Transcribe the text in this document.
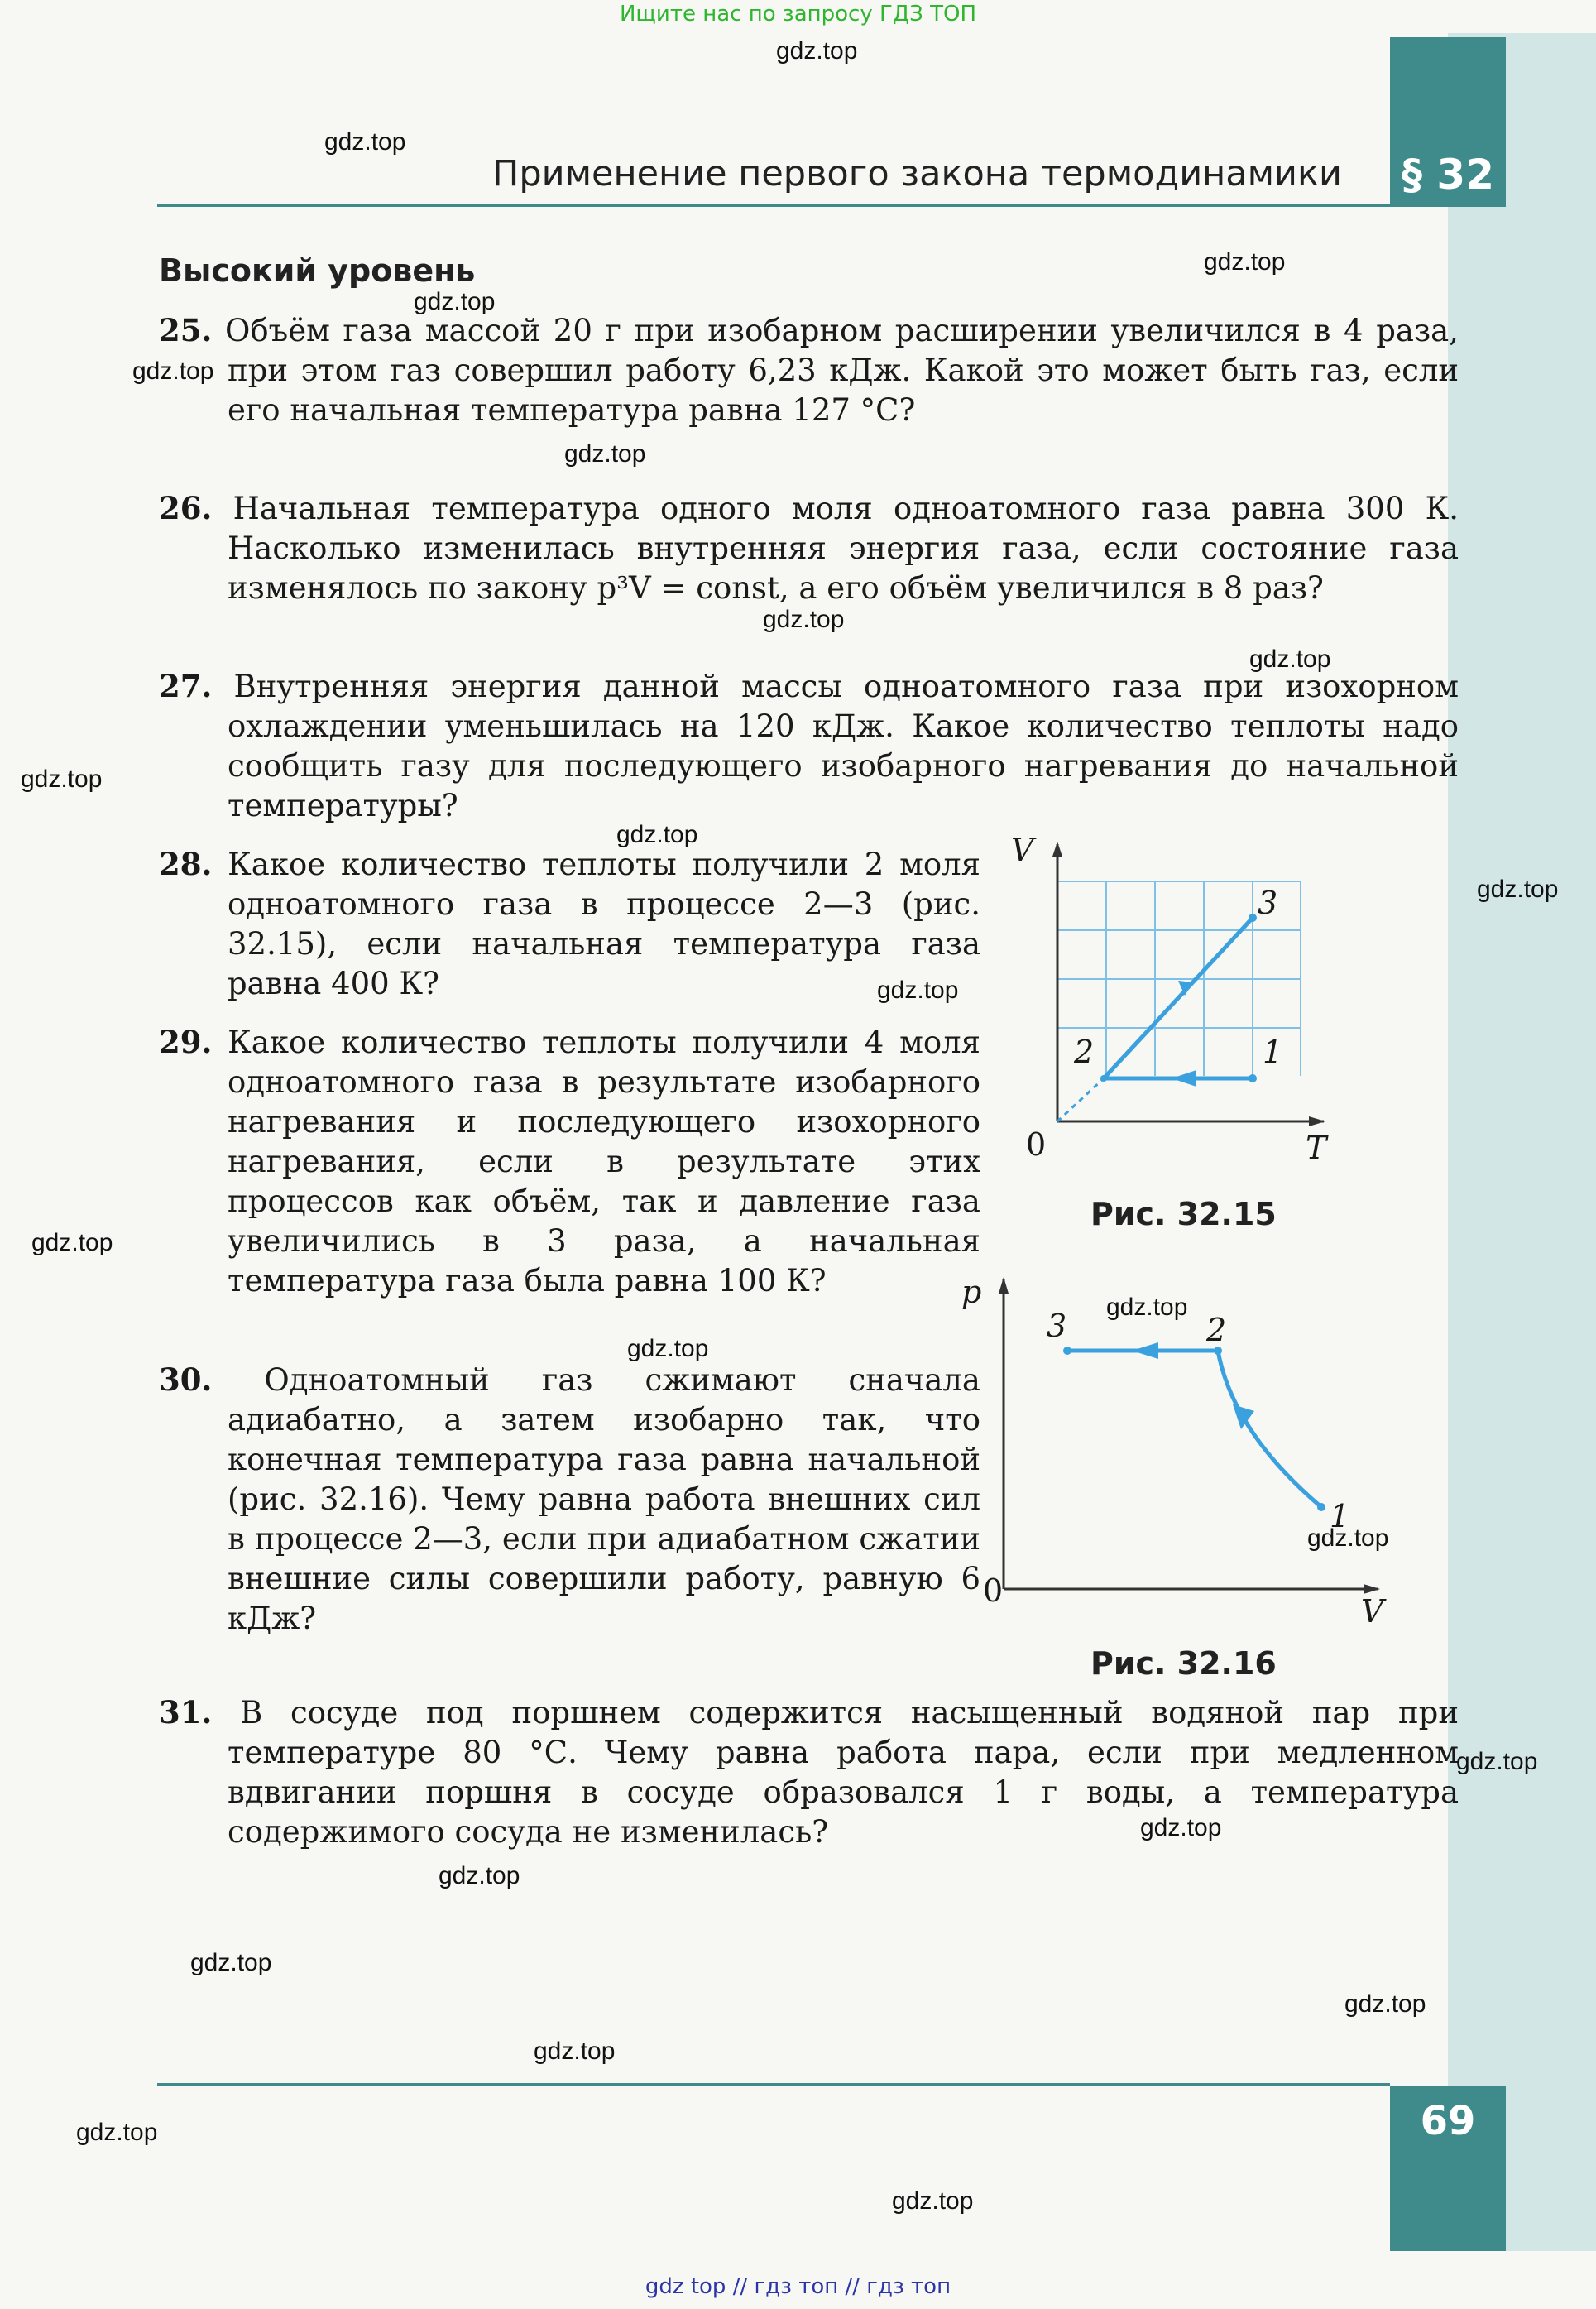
§ 32
69
Ищите нас по запросу ГДЗ ТОП
gdz top // гдз топ // гдз топ
Применение первого закона термодинамики
Высокий уровень
25. Объём газа массой 20 г при изобарном расширении увеличился в 4 раза, при этом газ совершил работу 6,23 кДж. Какой это может быть газ, если его начальная температура равна 127 °С?
26. Начальная температура одного моля одноатомного газа равна 300 К. Насколько изменилась внутренняя энергия газа, если состояние газа изменялось по закону p³V = const, а его объём увеличился в 8 раз?
27. Внутренняя энергия данной массы одноатомного газа при изохорном охлаждении уменьшилась на 120 кДж. Какое количество теплоты надо сообщить газу для последующего изобарного нагревания до начальной температуры?
28. Какое количество теплоты получили 2 моля одноатомного газа в процессе 2—3 (рис. 32.15), если начальная температура газа равна 400 К?
29. Какое количество теплоты получили 4 моля одноатомного газа в результате изобарного нагревания и последующего изохорного нагревания, если в результате этих процессов как объём, так и давление газа увеличились в 3 раза, а начальная температура газа была равна 100 К?
30. Одноатомный газ сжимают сначала адиабатно, а затем изобарно так, что конечная температура газа равна начальной (рис. 32.16). Чему равна работа внешних сил в процессе 2—3, если при адиабатном сжатии внешние силы совершили работу, равную 6 кДж?
31. В сосуде под поршнем содержится насыщенный водяной пар при температуре 80 °С. Чему равна работа пара, если при медленном вдвигании поршня в сосуде образовался 1 г воды, а температура содержимого сосуда не изменилась?
V
T
0
1
2
3
Рис. 32.15
p
V
0
1
2
3
Рис. 32.16
gdz.top
gdz.top
gdz.top
gdz.top
gdz.top
gdz.top
gdz.top
gdz.top
gdz.top
gdz.top
gdz.top
gdz.top
gdz.top
gdz.top
gdz.top
gdz.top
gdz.top
gdz.top
gdz.top
gdz.top
gdz.top
gdz.top
gdz.top
gdz.top
